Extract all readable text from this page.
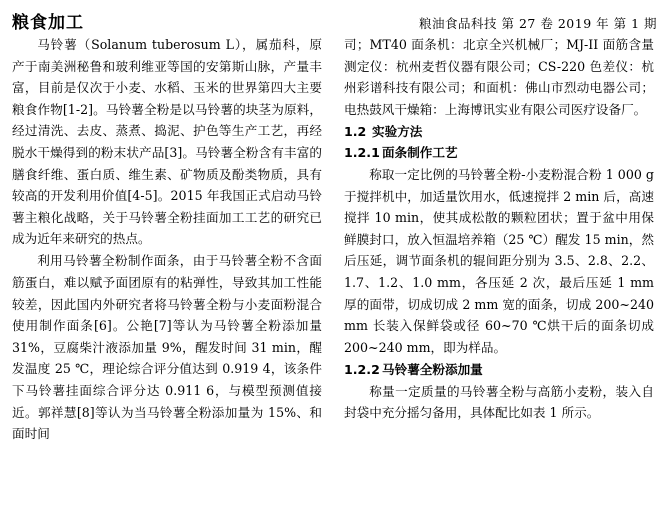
粮食加工	粮油食品科技 第 27 卷 2019 年 第 1 期

马铃薯（Solanum tuberosum L），属茄科，原产于南美洲秘鲁和玻利维亚等国的安第斯山脉，产量丰富，目前是仅次于小麦、水稻、玉米的世界第四大主要粮食作物[1-2]。马铃薯全粉是以马铃薯的块茎为原料，经过清洗、去皮、蒸煮、捣泥、护色等生产工艺，再经脱水干燥得到的粉末状产品[3]。马铃薯全粉含有丰富的膳食纤维、蛋白质、维生素、矿物质及酚类物质，具有较高的开发利用价值[4-5]。2015 年我国正式启动马铃薯主粮化战略，关于马铃薯全粉挂面加工工艺的研究已成为近年来研究的热点。

利用马铃薯全粉制作面条，由于马铃薯全粉不含面筋蛋白，难以赋予面团原有的粘弹性，导致其加工性能较差，因此国内外研究者将马铃薯全粉与小麦面粉混合使用制作面条[6]。公艳[7]等认为马铃薯全粉添加量 31%，豆腐柴汁液添加量 9%，醒发时间 31 min，醒发温度 25 ℃，理论综合评分值达到 0.919 4，该条件下马铃薯挂面综合评分达 0.911 6，与模型预测值接近。郭祥慧[8]等认为当马铃薯全粉添加量为 15%、和面时间

司；MT40 面条机：北京全兴机械厂；MJ-II 面筋含量测定仪：杭州麦哲仪器有限公司；CS-220 色差仪：杭州彩谱科技有限公司；和面机：佛山市烈动电器公司；电热鼓风干燥箱：上海博讯实业有限公司医疗设备厂。

1.2 实验方法
1.2.1 面条制作工艺

称取一定比例的马铃薯全粉-小麦粉混合粉 1 000 g 于搅拌机中，加适量饮用水，低速搅拌 2 min 后，高速搅拌 10 min，使其成松散的颗粒团状；置于盆中用保鲜膜封口，放入恒温培养箱（25 ℃）醒发 15 min，然后压延，调节面条机的辊间距分别为 3.5、2.8、2.2、1.7、1.2、1.0 mm，各压延 2 次，最后压延 1 mm 厚的面带，切成切成 2 mm 宽的面条，切成 200~240 mm 长装入保鲜袋或径 60~70 ℃烘干后的面条切成 200~240 mm，即为样品。

1.2.2 马铃薯全粉添加量

称量一定质量的马铃薯全粉与高筋小麦粉，装入自封袋中充分摇匀备用，具体配比如表 1 所示。
